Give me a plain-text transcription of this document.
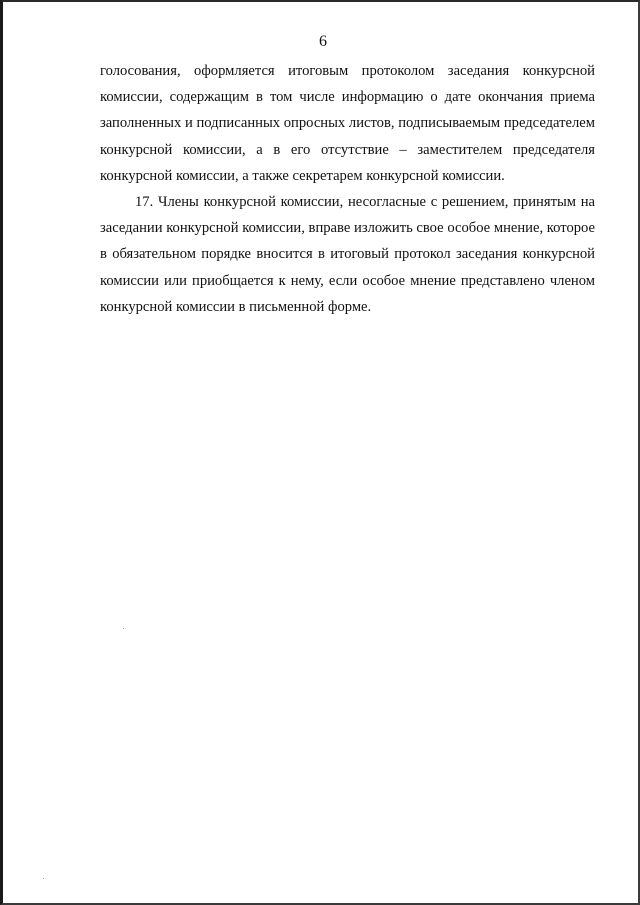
6

голосования, оформляется итоговым протоколом заседания конкурсной комиссии, содержащим в том числе информацию о дате окончания приема заполненных и подписанных опросных листов, подписываемым председателем конкурсной комиссии, а в его отсутствие – заместителем председателя конкурсной комиссии, а также секретарем конкурсной комиссии.

17. Члены конкурсной комиссии, несогласные с решением, принятым на заседании конкурсной комиссии, вправе изложить свое особое мнение, которое в обязательном порядке вносится в итоговый протокол заседания конкурсной комиссии или приобщается к нему, если особое мнение представлено членом конкурсной комиссии в письменной форме.
